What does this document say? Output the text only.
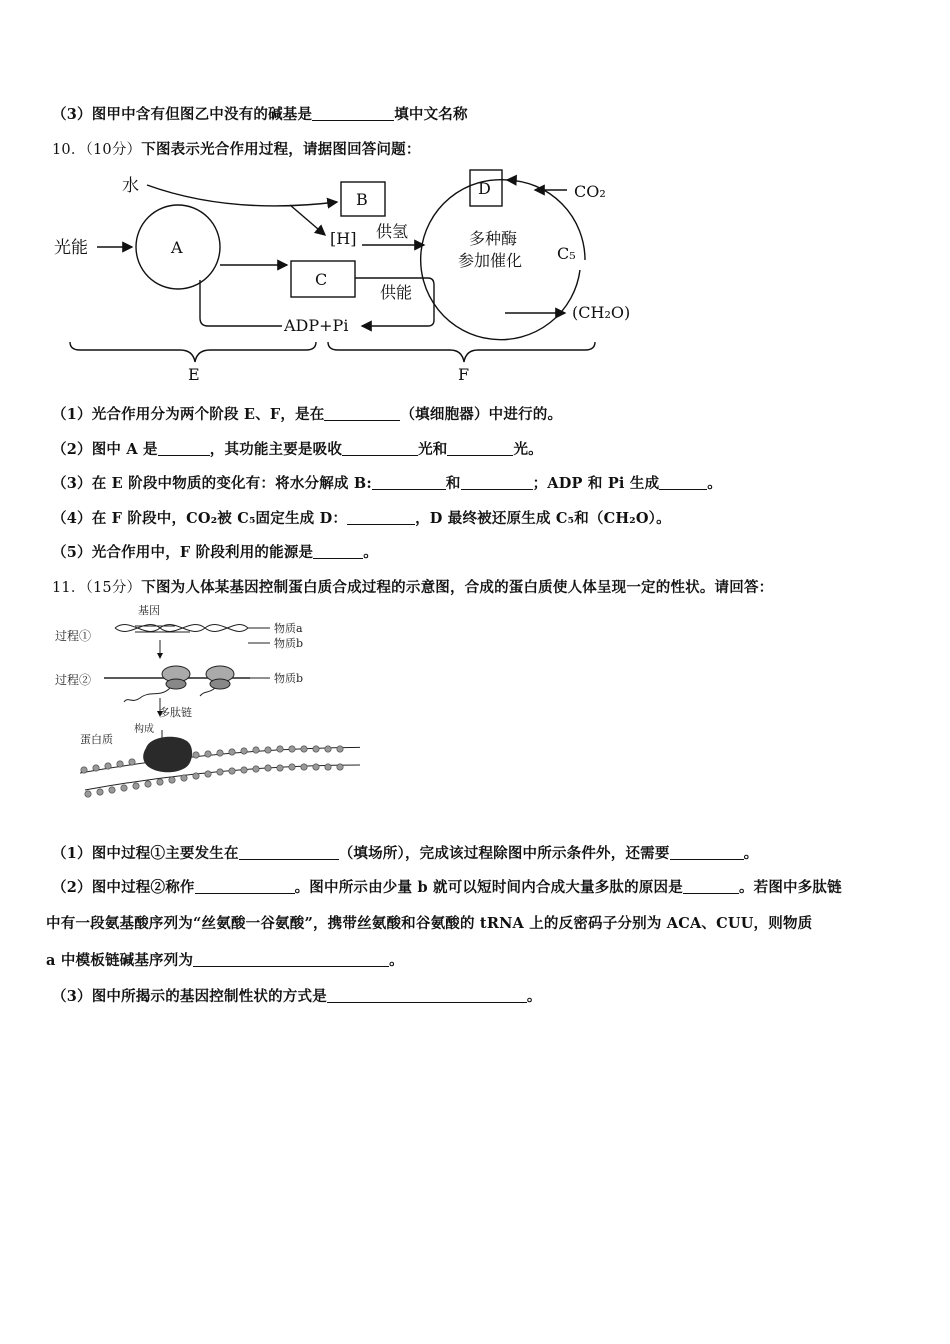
（3）图甲中含有但图乙中没有的碱基是	填中文名称
10．（10分）下图表示光合作用过程，请据图回答问题：
水
光能	A
B
[H] 供氢
C
供能
ADP+Pi
D	CO₂
多种酶
参加催化 C₅
(CH₂O)
E	F
（1）光合作用分为两个阶段 E、F，是在	（填细胞器）中进行的。
（2）图中 A 是	，其功能主要是吸收	光和	光。
（3）在 E 阶段中物质的变化有：将水分解成 B:	和	；ADP 和 Pi 生成	。
（4）在 F 阶段中，CO₂被 C₅固定生成 D：	，D 最终被还原生成 C₅和（CH₂O）。
（5）光合作用中，F 阶段利用的能源是	。
11．（15分）下图为人体某基因控制蛋白质合成过程的示意图，合成的蛋白质使人体呈现一定的性状。请回答：
基因
过程①
过程②
物质a
物质b
物质b
多肽链
构成
蛋白质
（1）图中过程①主要发生在	（填场所），完成该过程除图中所示条件外，还需要	。
（2）图中过程②称作	。图中所示由少量 b 就可以短时间内合成大量多肽的原因是	。若图中多肽链
中有一段氨基酸序列为“丝氨酸一谷氨酸”，携带丝氨酸和谷氨酸的 tRNA 上的反密码子分别为 ACA、CUU，则物质
a 中模板链碱基序列为	。
（3）图中所揭示的基因控制性状的方式是	。
